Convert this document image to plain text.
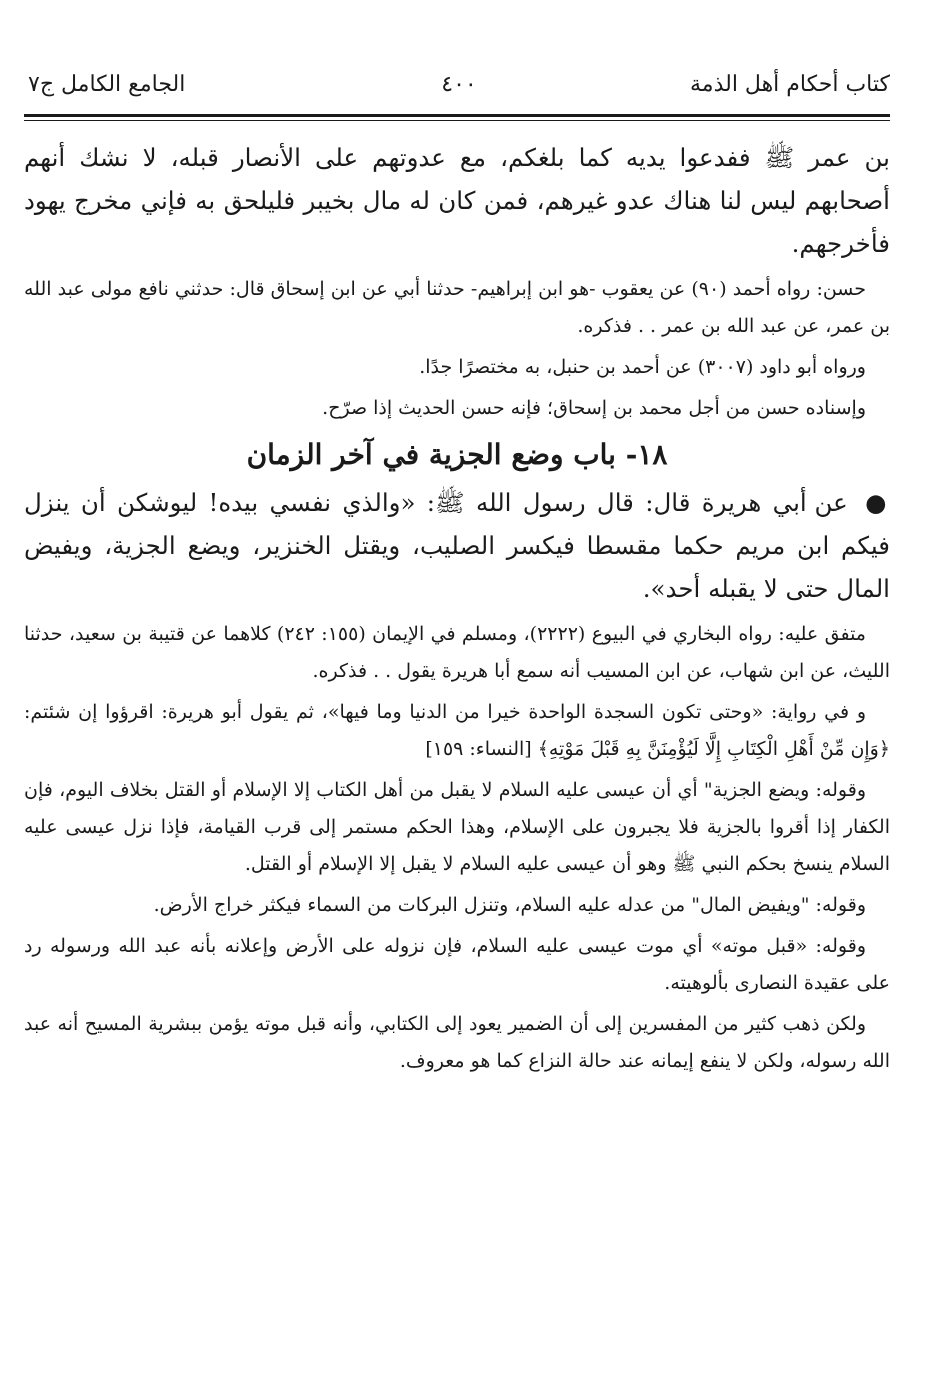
كتاب أحكام أهل الذمة
٤٠٠
الجامع الكامل ج٧

بن عمر ﷺ ففدعوا يديه كما بلغكم، مع عدوتهم على الأنصار قبله، لا نشك أنهم أصحابهم ليس لنا هناك عدو غيرهم، فمن كان له مال بخيبر فليلحق به فإني مخرج يهود فأخرجهم.

حسن: رواه أحمد (٩٠) عن يعقوب -هو ابن إبراهيم- حدثنا أبي عن ابن إسحاق قال: حدثني نافع مولى عبد الله بن عمر، عن عبد الله بن عمر . . فذكره.

ورواه أبو داود (٣٠٠٧) عن أحمد بن حنبل، به مختصرًا جدًا.

وإسناده حسن من أجل محمد بن إسحاق؛ فإنه حسن الحديث إذا صرّح.

١٨- باب وضع الجزية في آخر الزمان

● عن أبي هريرة قال: قال رسول الله ﷺ: «والذي نفسي بيده! ليوشكن أن ينزل فيكم ابن مريم حكما مقسطا فيكسر الصليب، ويقتل الخنزير، ويضع الجزية، ويفيض المال حتى لا يقبله أحد».

متفق عليه: رواه البخاري في البيوع (٢٢٢٢)، ومسلم في الإيمان (١٥٥: ٢٤٢) كلاهما عن قتيبة بن سعيد، حدثنا الليث، عن ابن شهاب، عن ابن المسيب أنه سمع أبا هريرة يقول . . فذكره.

و في رواية: «وحتى تكون السجدة الواحدة خيرا من الدنيا وما فيها»، ثم يقول أبو هريرة: اقرؤوا إن شئتم: ﴿وَإِن مِّنْ أَهْلِ الْكِتَابِ إِلَّا لَيُؤْمِنَنَّ بِهِ قَبْلَ مَوْتِهِ﴾ [النساء: ١٥٩]

وقوله: ويضع الجزية" أي أن عيسى عليه السلام لا يقبل من أهل الكتاب إلا الإسلام أو القتل بخلاف اليوم، فإن الكفار إذا أقروا بالجزية فلا يجبرون على الإسلام، وهذا الحكم مستمر إلى قرب القيامة، فإذا نزل عيسى عليه السلام ينسخ بحكم النبي ﷺ وهو أن عيسى عليه السلام لا يقبل إلا الإسلام أو القتل.

وقوله: "ويفيض المال" من عدله عليه السلام، وتنزل البركات من السماء فيكثر خراج الأرض.

وقوله: «قبل موته» أي موت عيسى عليه السلام، فإن نزوله على الأرض وإعلانه بأنه عبد الله ورسوله رد على عقيدة النصارى بألوهيته.

ولكن ذهب كثير من المفسرين إلى أن الضمير يعود إلى الكتابي، وأنه قبل موته يؤمن ببشرية المسيح أنه عبد الله رسوله، ولكن لا ينفع إيمانه عند حالة النزاع كما هو معروف.
